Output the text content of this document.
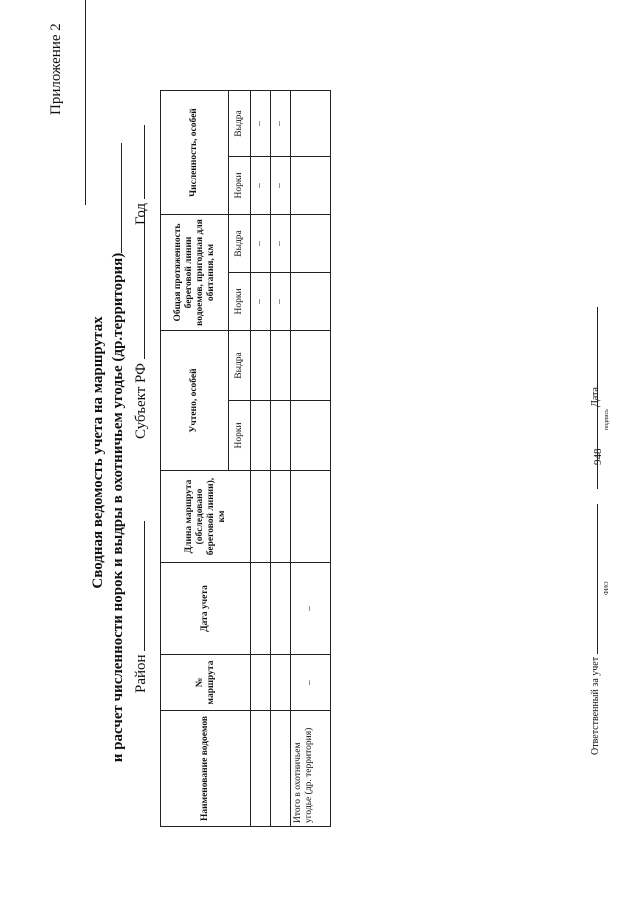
948
Приложение 2
Сводная ведомость учета на маршрутах и расчет численности норок и выдры в охотничьем угодье (др.территория) Район
Субъект РФ
Год
Наименование водоемов	№ маршрута	Дата учета	Длина маршрута (обследовано береговой линии), км	Учтено, особей		Общая протяженность береговой линии водоемов, пригодная для обитания, км		Численность, особей	
				Норки	Выдра	Норки	Выдра	Норки	Выдра
						–	–	–	–
						–	–	–	–
Итого в охотничьем угодье (др. территория)	–	–							
Ответственный за учет
ФИО
подпись
Дата
